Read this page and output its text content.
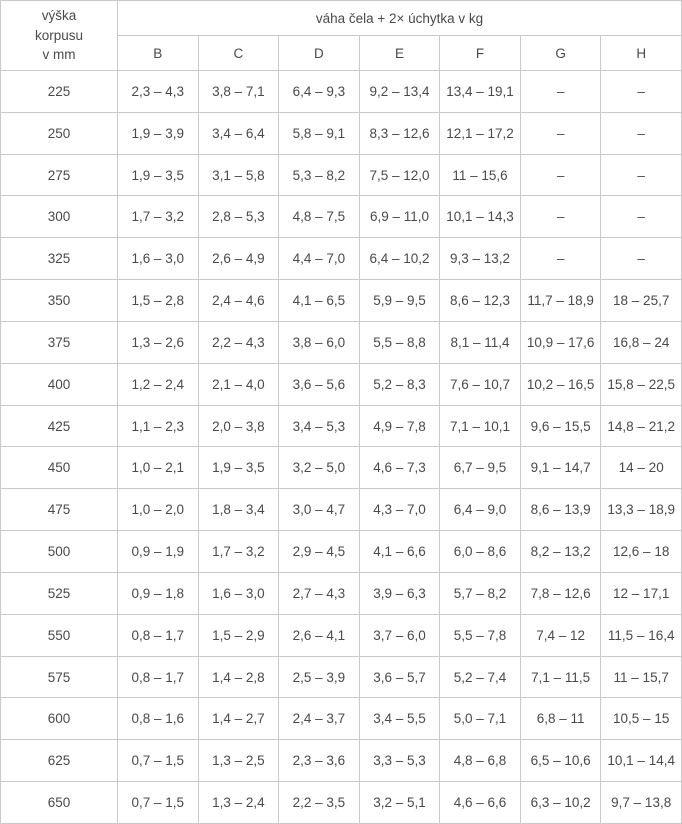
výška
korpusu
v mm	váha čela + 2× úchytka v kg						
	B	C	D	E	F	G	H
225	2,3 – 4,3	3,8 – 7,1	6,4 – 9,3	9,2 – 13,4	13,4 – 19,1	–	–
250	1,9 – 3,9	3,4 – 6,4	5,8 – 9,1	8,3 – 12,6	12,1 – 17,2	–	–
275	1,9 – 3,5	3,1 – 5,8	5,3 – 8,2	7,5 – 12,0	11 – 15,6	–	–
300	1,7 – 3,2	2,8 – 5,3	4,8 – 7,5	6,9 – 11,0	10,1 – 14,3	–	–
325	1,6 – 3,0	2,6 – 4,9	4,4 – 7,0	6,4 – 10,2	9,3 – 13,2	–	–
350	1,5 – 2,8	2,4 – 4,6	4,1 – 6,5	5,9 – 9,5	8,6 – 12,3	11,7 – 18,9	18 – 25,7
375	1,3 – 2,6	2,2 – 4,3	3,8 – 6,0	5,5 – 8,8	8,1 – 11,4	10,9 – 17,6	16,8 – 24
400	1,2 – 2,4	2,1 – 4,0	3,6 – 5,6	5,2 – 8,3	7,6 – 10,7	10,2 – 16,5	15,8 – 22,5
425	1,1 – 2,3	2,0 – 3,8	3,4 – 5,3	4,9 – 7,8	7,1 – 10,1	9,6 – 15,5	14,8 – 21,2
450	1,0 – 2,1	1,9 – 3,5	3,2 – 5,0	4,6 – 7,3	6,7 – 9,5	9,1 – 14,7	14 – 20
475	1,0 – 2,0	1,8 – 3,4	3,0 – 4,7	4,3 – 7,0	6,4 – 9,0	8,6 – 13,9	13,3 – 18,9
500	0,9 – 1,9	1,7 – 3,2	2,9 – 4,5	4,1 – 6,6	6,0 – 8,6	8,2 – 13,2	12,6 – 18
525	0,9 – 1,8	1,6 – 3,0	2,7 – 4,3	3,9 – 6,3	5,7 – 8,2	7,8 – 12,6	12 – 17,1
550	0,8 – 1,7	1,5 – 2,9	2,6 – 4,1	3,7 – 6,0	5,5 – 7,8	7,4 – 12	11,5 – 16,4
575	0,8 – 1,7	1,4 – 2,8	2,5 – 3,9	3,6 – 5,7	5,2 – 7,4	7,1 – 11,5	11 – 15,7
600	0,8 – 1,6	1,4 – 2,7	2,4 – 3,7	3,4 – 5,5	5,0 – 7,1	6,8 – 11	10,5 – 15
625	0,7 – 1,5	1,3 – 2,5	2,3 – 3,6	3,3 – 5,3	4,8 – 6,8	6,5 – 10,6	10,1 – 14,4
650	0,7 – 1,5	1,3 – 2,4	2,2 – 3,5	3,2 – 5,1	4,6 – 6,6	6,3 – 10,2	9,7 – 13,8
